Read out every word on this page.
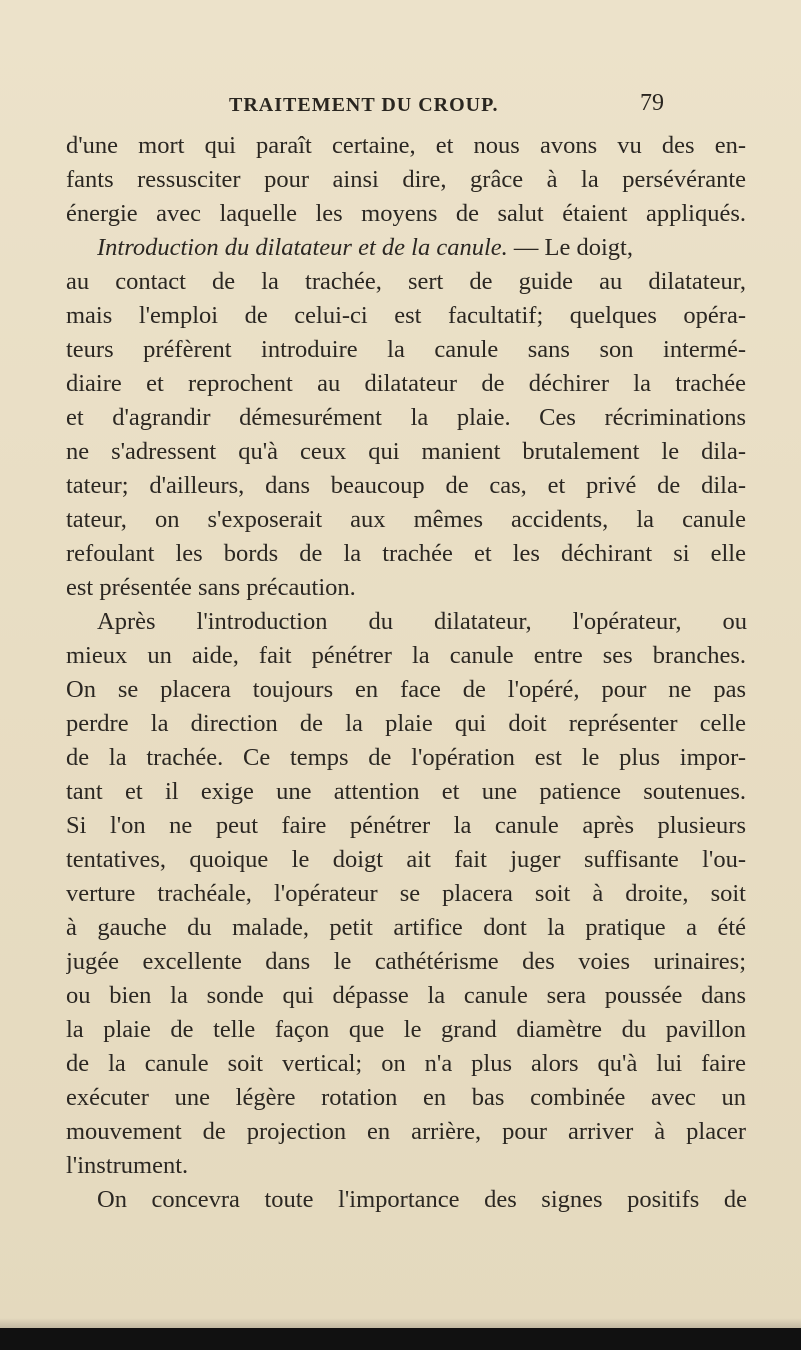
TRAITEMENT DU CROUP.	79
d'une mort qui paraît certaine, et nous avons vu des en-
fants ressusciter pour ainsi dire, grâce à la persévérante
énergie avec laquelle les moyens de salut étaient appliqués.
Introduction du dilatateur et de la canule. — Le doigt,
au contact de la trachée, sert de guide au dilatateur,
mais l'emploi de celui-ci est facultatif; quelques opéra-
teurs préfèrent introduire la canule sans son intermé-
diaire et reprochent au dilatateur de déchirer la trachée
et d'agrandir démesurément la plaie. Ces récriminations
ne s'adressent qu'à ceux qui manient brutalement le dila-
tateur; d'ailleurs, dans beaucoup de cas, et privé de dila-
tateur, on s'exposerait aux mêmes accidents, la canule
refoulant les bords de la trachée et les déchirant si elle
est présentée sans précaution.
Après l'introduction du dilatateur, l'opérateur, ou
mieux un aide, fait pénétrer la canule entre ses branches.
On se placera toujours en face de l'opéré, pour ne pas
perdre la direction de la plaie qui doit représenter celle
de la trachée. Ce temps de l'opération est le plus impor-
tant et il exige une attention et une patience soutenues.
Si l'on ne peut faire pénétrer la canule après plusieurs
tentatives, quoique le doigt ait fait juger suffisante l'ou-
verture trachéale, l'opérateur se placera soit à droite, soit
à gauche du malade, petit artifice dont la pratique a été
jugée excellente dans le cathétérisme des voies urinaires;
ou bien la sonde qui dépasse la canule sera poussée dans
la plaie de telle façon que le grand diamètre du pavillon
de la canule soit vertical; on n'a plus alors qu'à lui faire
exécuter une légère rotation en bas combinée avec un
mouvement de projection en arrière, pour arriver à placer
l'instrument.
On concevra toute l'importance des signes positifs de
